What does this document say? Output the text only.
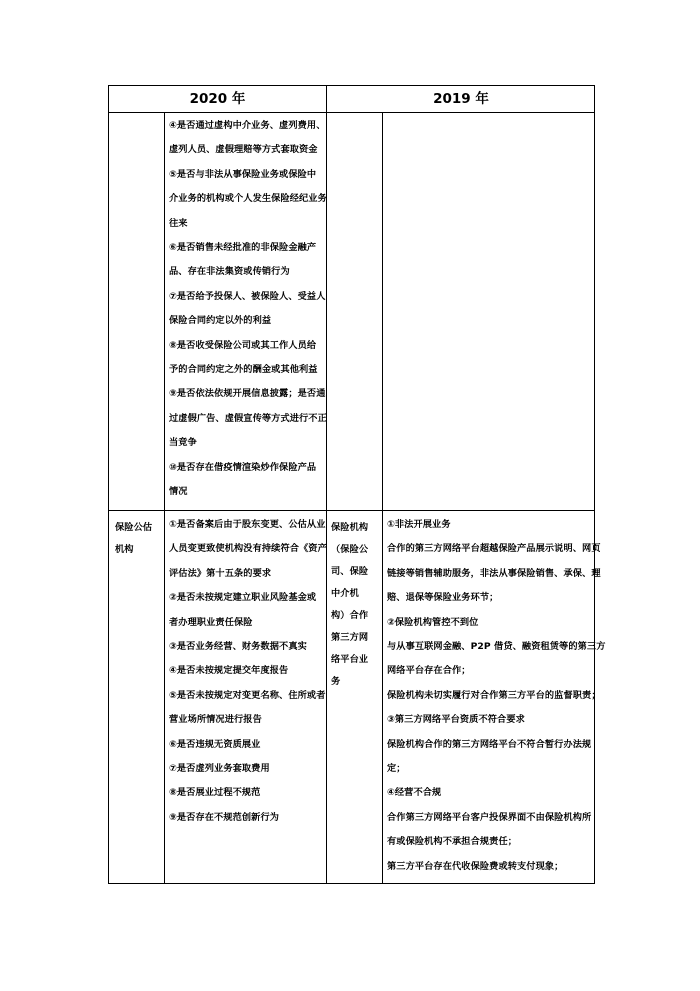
2020 年	2019 年

④是否通过虚构中介业务、虚列费用、

虚列人员、虚假理赔等方式套取资金

⑤是否与非法从事保险业务或保险中

介业务的机构或个人发生保险经纪业务

往来

⑥是否销售未经批准的非保险金融产

品、存在非法集资或传销行为

⑦是否给予投保人、被保险人、受益人

保险合同约定以外的利益

⑧是否收受保险公司或其工作人员给

予的合同约定之外的酬金或其他利益

⑨是否依法依规开展信息披露；是否通

过虚假广告、虚假宣传等方式进行不正

当竞争

⑩是否存在借疫情渲染炒作保险产品

情况

保险公估

机构

①是否备案后由于股东变更、公估从业

人员变更致使机构没有持续符合《资产

评估法》第十五条的要求

②是否未按规定建立职业风险基金或

者办理职业责任保险

③是否业务经营、财务数据不真实

④是否未按规定提交年度报告

⑤是否未按规定对变更名称、住所或者

营业场所情况进行报告

⑥是否违规无资质展业

⑦是否虚列业务套取费用

⑧是否展业过程不规范

⑨是否存在不规范创新行为

保险机构

（保险公

司、保险

中介机

构）合作

第三方网

络平台业

务

①非法开展业务

合作的第三方网络平台超越保险产品展示说明、网页

链接等销售辅助服务，非法从事保险销售、承保、理

赔、退保等保险业务环节；

②保险机构管控不到位

与从事互联网金融、P2P 借贷、融资租赁等的第三方

网络平台存在合作；

保险机构未切实履行对合作第三方平台的监督职责；

③第三方网络平台资质不符合要求

保险机构合作的第三方网络平台不符合暂行办法规

定；

④经营不合规

合作第三方网络平台客户投保界面不由保险机构所

有或保险机构不承担合规责任；

第三方平台存在代收保险费或转支付现象；
